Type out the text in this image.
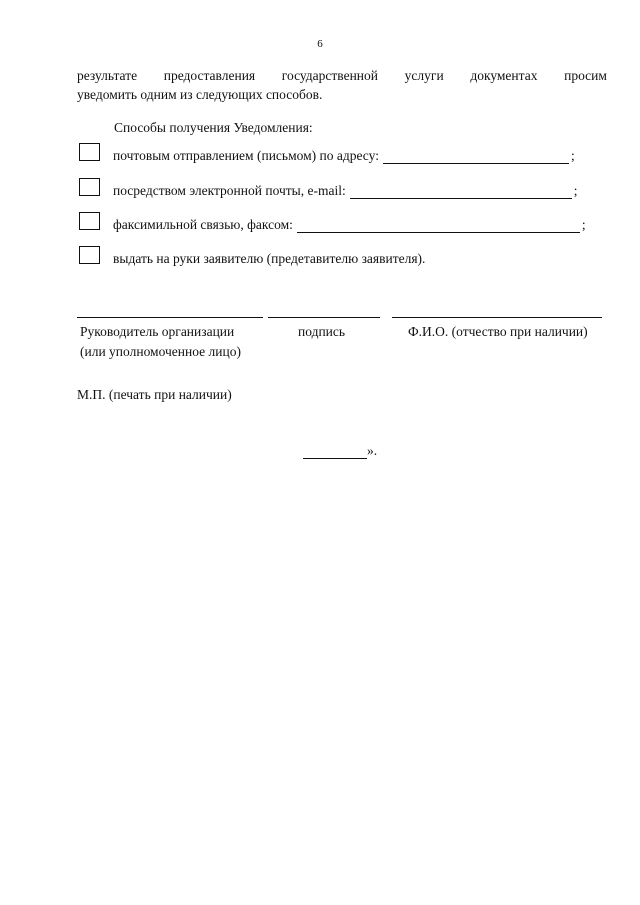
6
результате предоставления государственной услуги документах просим
уведомить одним из следующих способов.
Способы получения Уведомления:
почтовым отправлением (письмом) по адресу:	;
посредством электронной почты, e-mail:	;
факсимильной связью, факсом:	;
выдать на руки заявителю (предетавителю заявителя).
Руководитель организации
(или уполномоченное лицо)
подпись	Ф.И.О. (отчество при наличии)
М.П. (печать при наличии)
».
